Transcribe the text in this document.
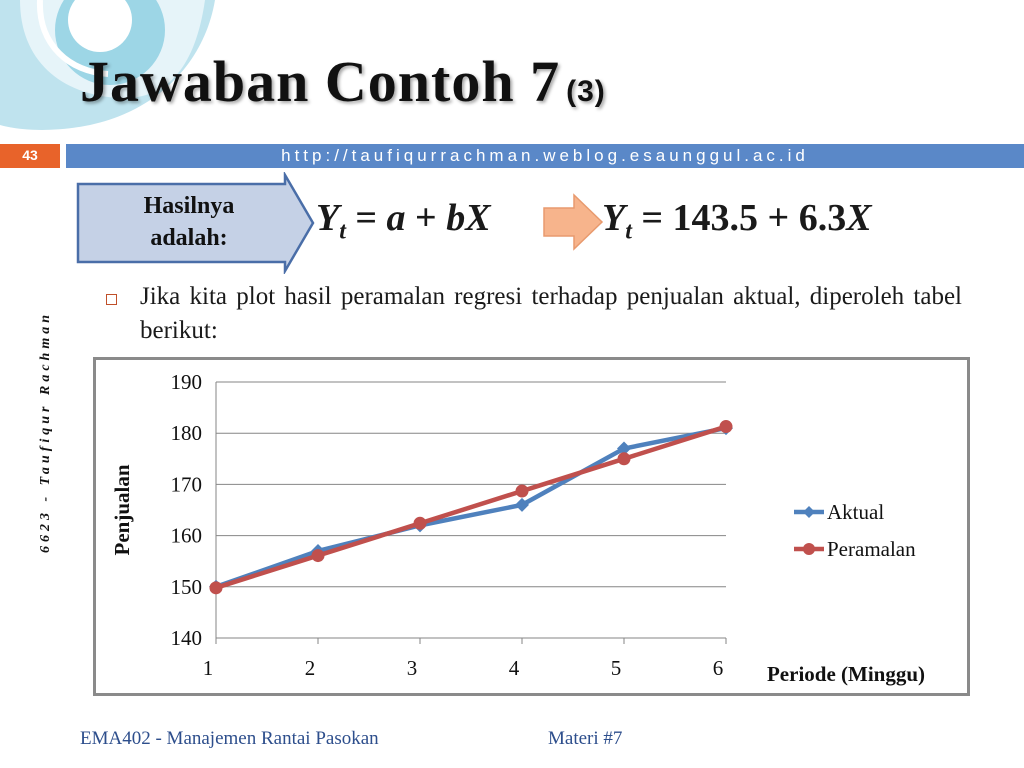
Jawaban Contoh 7 (3)
43	http://taufiqurrachman.weblog.esaunggul.ac.id
6623 - Taufiqur Rachman
Hasilnya
adalah:	$Y_t = a$ + bX	$Y_t = 143.5 + 6.3X$

Jika kita plot hasil peramalan regresi terhadap penjualan aktual, diperoleh tabel berikut:

140
150
160
170
180
190
1	2	3	4	5	6
Penjualan
Periode (Minggu)
Aktual
Peramalan
EMA402 - Manajemen Rantai Pasokan	Materi #7
